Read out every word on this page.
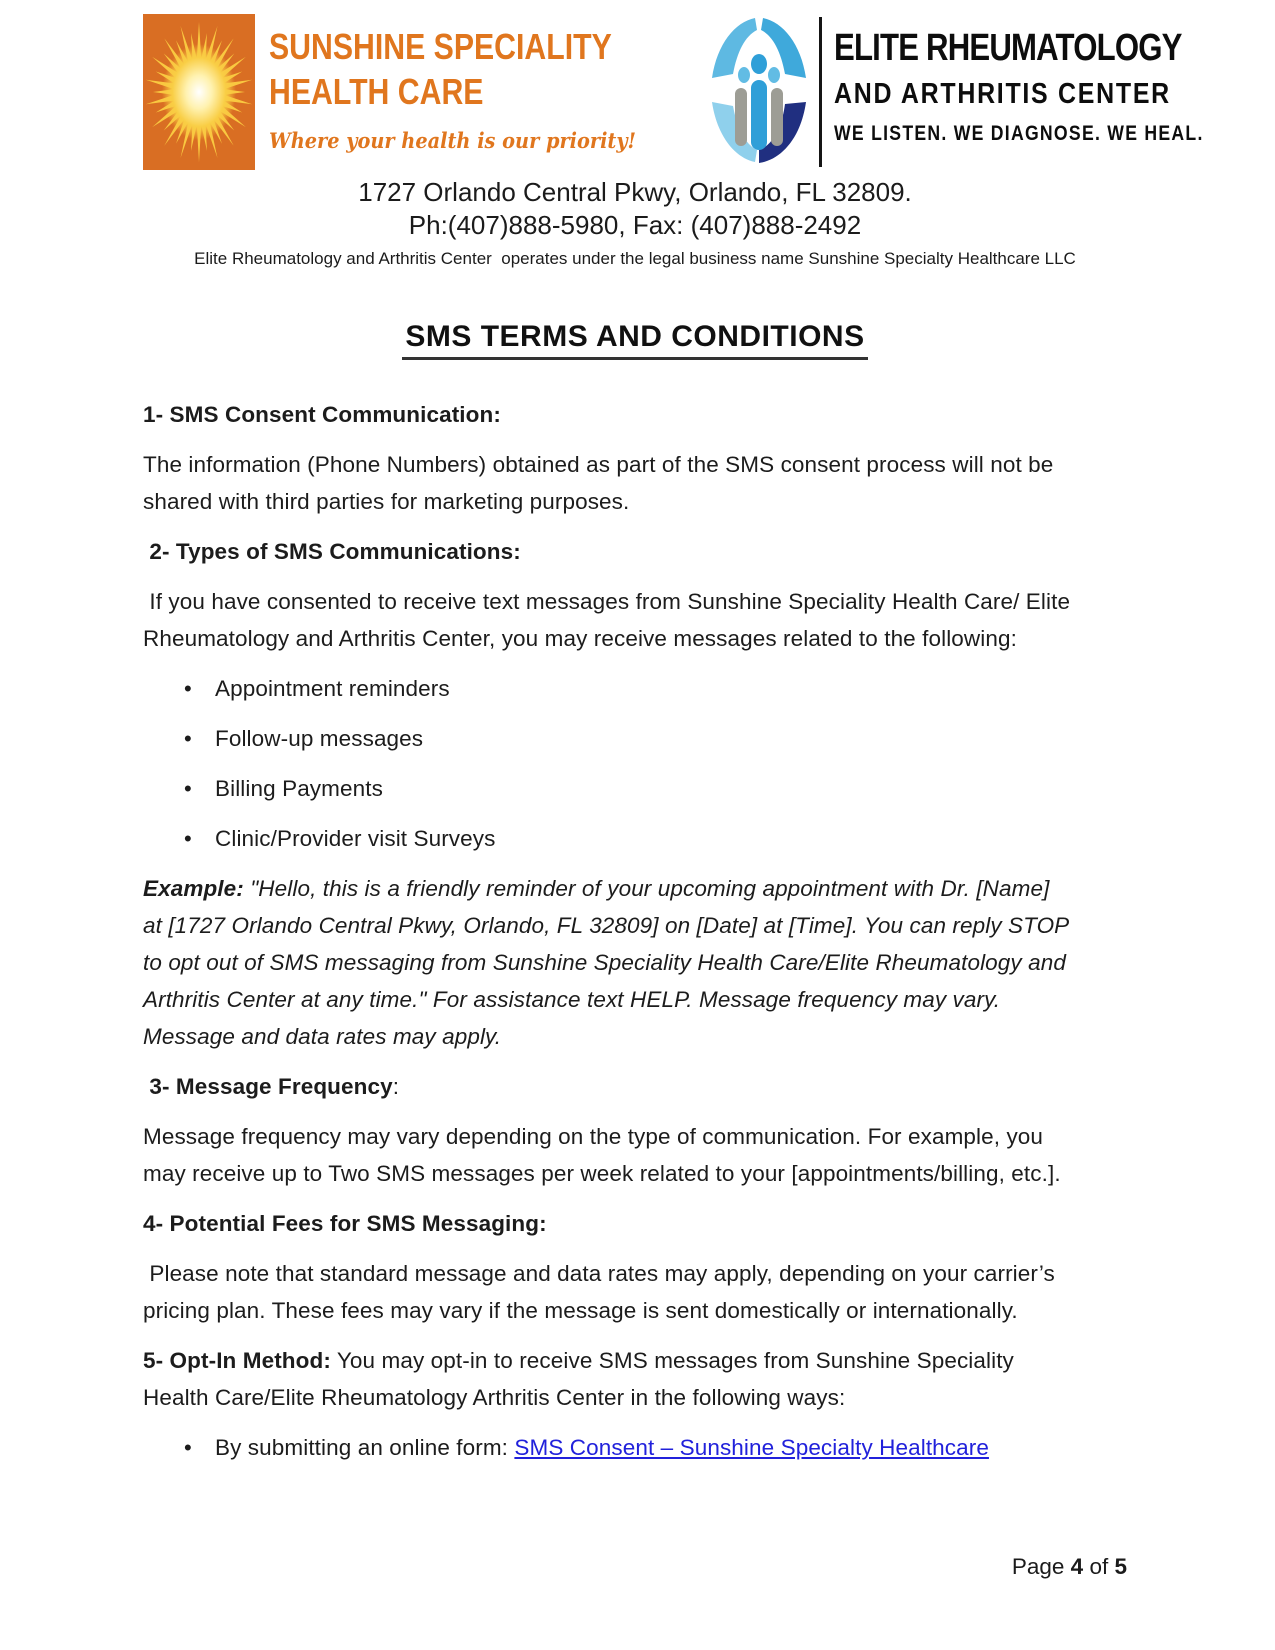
SUNSHINE SPECIALITY
HEALTH CARE
Where your health is our priority!
ELITE RHEUMATOLOGY
AND ARTHRITIS CENTER
WE LISTEN. WE DIAGNOSE. WE HEAL.
1727 Orlando Central Pkwy, Orlando, FL 32809.
Ph:(407)888-5980, Fax: (407)888-2492
Elite Rheumatology and Arthritis Center  operates under the legal business name Sunshine Specialty Healthcare LLC
SMS TERMS AND CONDITIONS
1- SMS Consent Communication:
The information (Phone Numbers) obtained as part of the SMS consent process will not be
shared with third parties for marketing purposes.
2- Types of SMS Communications:
If you have consented to receive text messages from Sunshine Speciality Health Care/ Elite
Rheumatology and Arthritis Center, you may receive messages related to the following:
• Appointment reminders
• Follow-up messages
• Billing Payments
• Clinic/Provider visit Surveys
Example: "Hello, this is a friendly reminder of your upcoming appointment with Dr. [Name]
at [1727 Orlando Central Pkwy, Orlando, FL 32809] on [Date] at [Time]. You can reply STOP
to opt out of SMS messaging from Sunshine Speciality Health Care/Elite Rheumatology and
Arthritis Center at any time." For assistance text HELP. Message frequency may vary.
Message and data rates may apply.
3- Message Frequency:
Message frequency may vary depending on the type of communication. For example, you
may receive up to Two SMS messages per week related to your [appointments/billing, etc.].
4- Potential Fees for SMS Messaging:
Please note that standard message and data rates may apply, depending on your carrier’s
pricing plan. These fees may vary if the message is sent domestically or internationally.
5- Opt-In Method: You may opt-in to receive SMS messages from Sunshine Speciality
Health Care/Elite Rheumatology Arthritis Center in the following ways:
• By submitting an online form: SMS Consent – Sunshine Specialty Healthcare
Page 4 of 5
